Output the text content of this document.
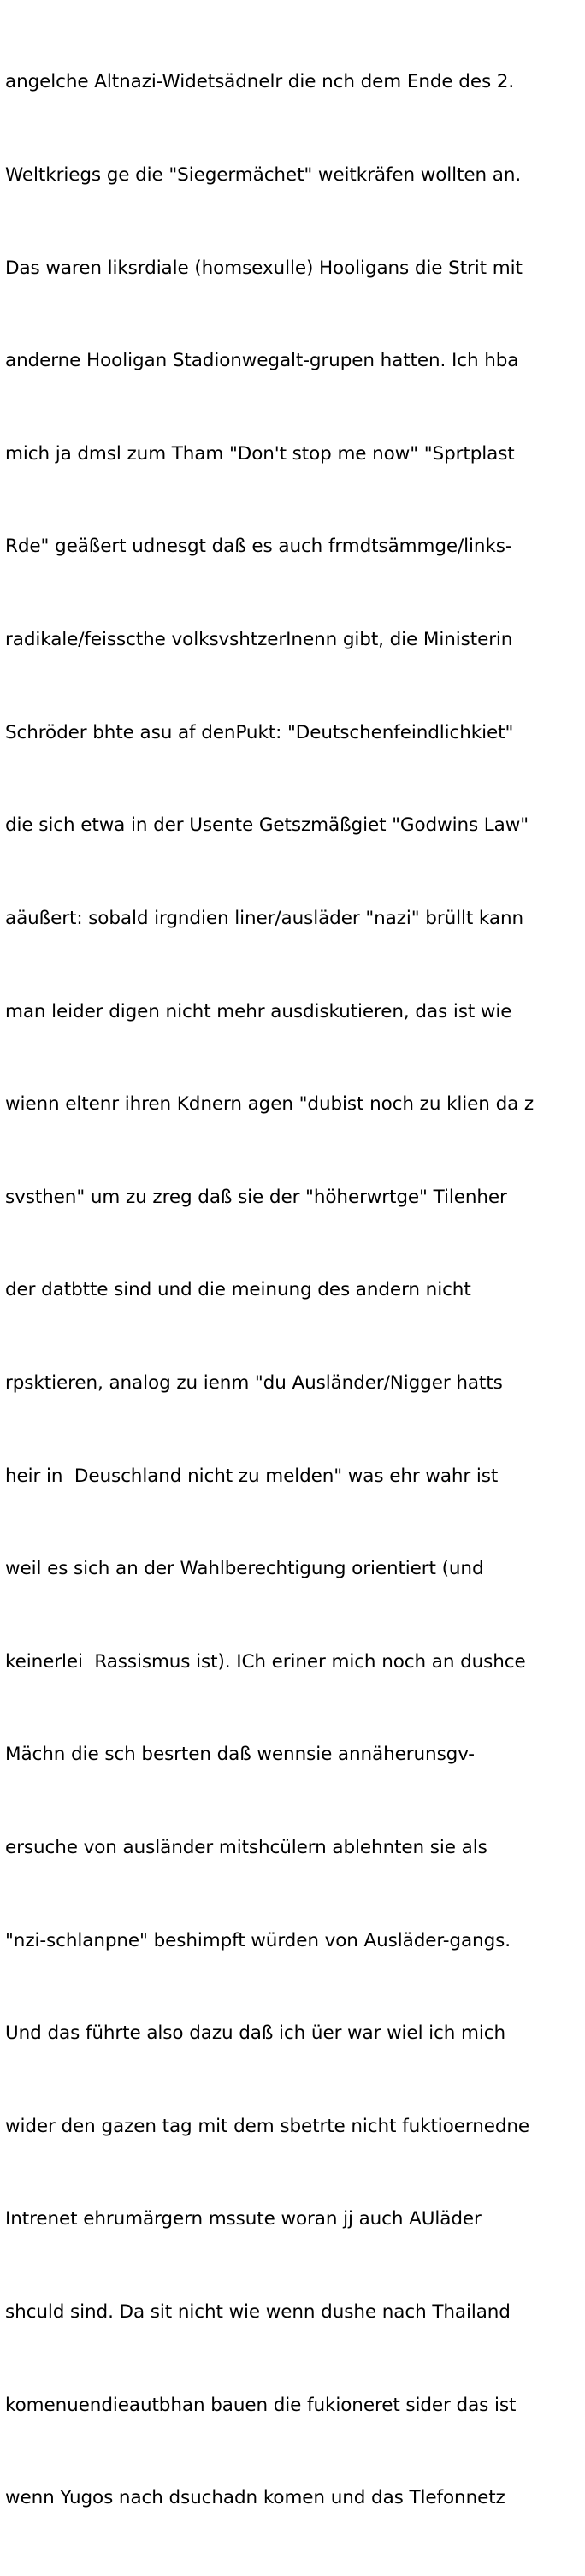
angelche Altnazi-Widetsädnelr die nch dem Ende des 2.

Weltkriegs ge die "Siegermächet" weitkräfen wollten an.

Das waren liksrdiale (homsexulle) Hooligans die Strit mit

anderne Hooligan Stadionwegalt-grupen hatten. Ich hba

mich ja dmsl zum Tham "Don't stop me now" "Sprtplast

Rde" geäßert udnesgt daß es auch frmdtsämmge/links-

radikale/feisscthe volksvshtzerInenn gibt, die Ministerin

Schröder bhte asu af denPukt: "Deutschenfeindlichkiet"

die sich etwa in der Usente Getszmäßgiet "Godwins Law"

aäußert: sobald irgndien liner/ausläder "nazi" brüllt kann

man leider digen nicht mehr ausdiskutieren, das ist wie

wienn eltenr ihren Kdnern agen "dubist noch zu klien da z

svsthen" um zu zreg daß sie der "höherwrtge" Tilenher

der datbtte sind und die meinung des andern nicht

rpsktieren, analog zu ienm "du Ausländer/Nigger hatts

heir in  Deuschland nicht zu melden" was ehr wahr ist

weil es sich an der Wahlberechtigung orientiert (und

keinerlei  Rassismus ist). ICh eriner mich noch an dushce

Mächn die sch besrten daß wennsie annäherunsgv-

ersuche von ausländer mitshcülern ablehnten sie als

"nzi-schlanpne" beshimpft würden von Ausläder-gangs.

Und das führte also dazu daß ich üer war wiel ich mich

wider den gazen tag mit dem sbetrte nicht fuktioernedne

Intrenet ehrumärgern mssute woran jj auch AUläder

shculd sind. Da sit nicht wie wenn dushe nach Thailand

komenuendieautbhan bauen die fukioneret sider das ist

wenn Yugos nach dsuchadn komen und das Tlefonnetz
